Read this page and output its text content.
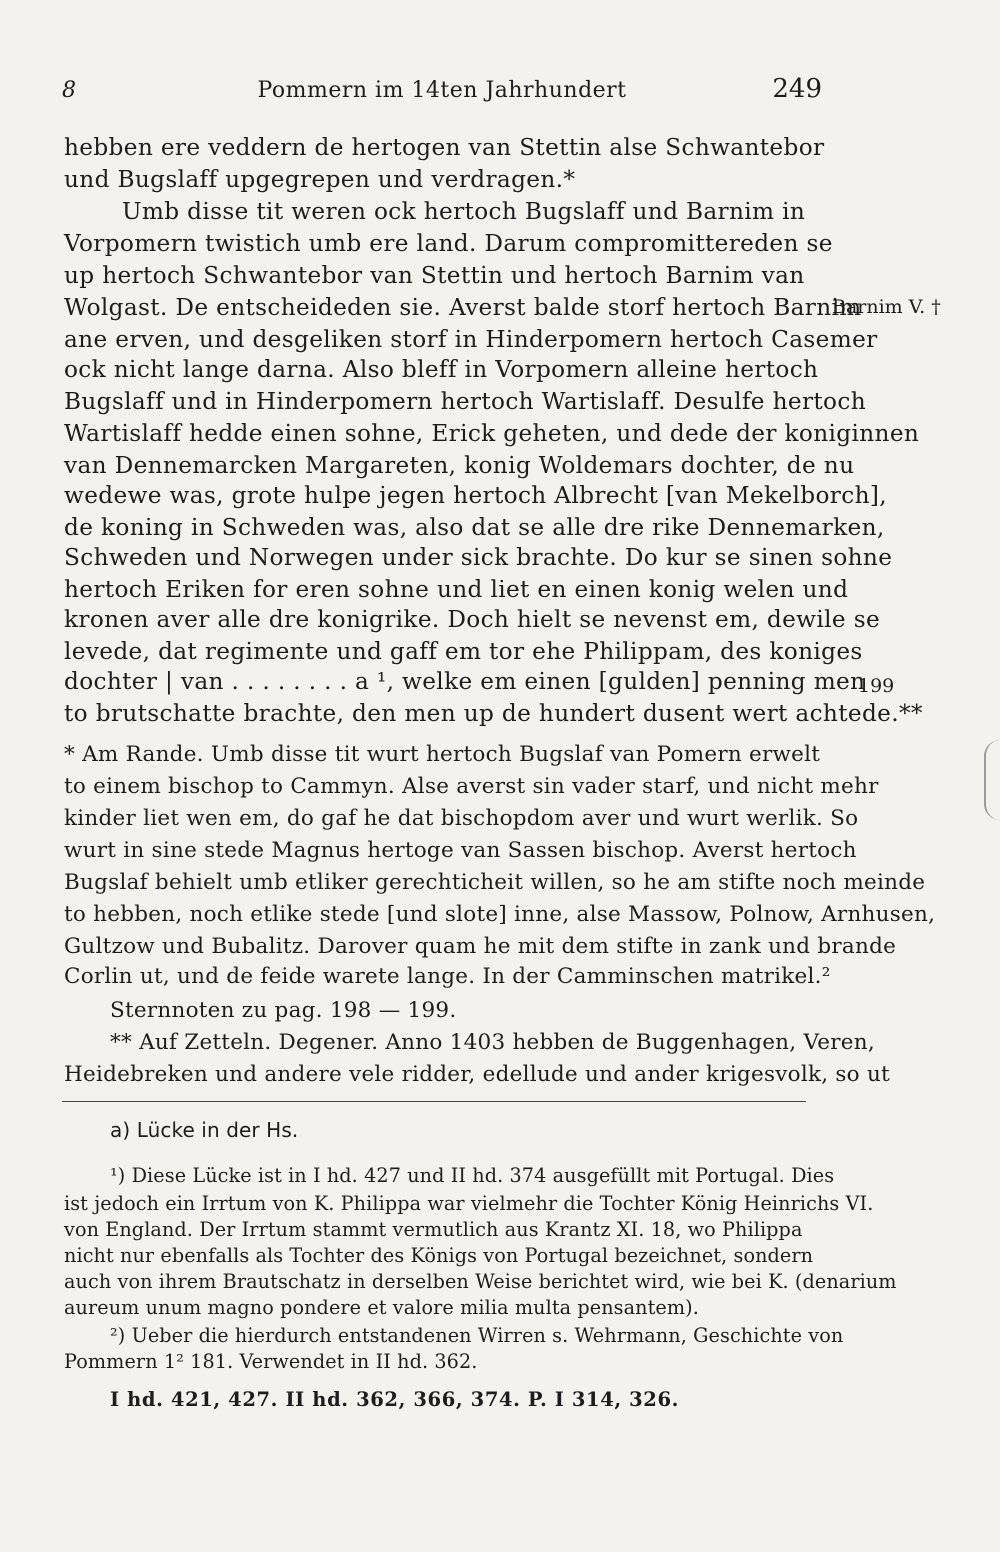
8	Pommern im 14ten Jahrhundert	249
hebben ere veddern de hertogen van Stettin alse Schwantebor
und Bugslaff upgegrepen und verdragen.*
Umb disse tit weren ock hertoch Bugslaff und Barnim in
Vorpomern twistich umb ere land. Darum compromittereden se
up hertoch Schwantebor van Stettin und hertoch Barnim van
Wolgast. De entscheideden sie. Averst balde storf hertoch Barnim
ane erven, und desgeliken storf in Hinderpomern hertoch Casemer
ock nicht lange darna. Also bleff in Vorpomern alleine hertoch
Bugslaff und in Hinderpomern hertoch Wartislaff. Desulfe hertoch
Wartislaff hedde einen sohne, Erick geheten, und dede der koniginnen
van Dennemarcken Margareten, konig Woldemars dochter, de nu
wedewe was, grote hulpe jegen hertoch Albrecht [van Mekelborch],
de koning in Schweden was, also dat se alle dre rike Dennemarken,
Schweden und Norwegen under sick brachte. Do kur se sinen sohne
hertoch Eriken for eren sohne und liet en einen konig welen und
kronen aver alle dre konigrike. Doch hielt se nevenst em, dewile se
levede, dat regimente und gaff em tor ehe Philippam, des koniges
dochter | van . . . . . . . . a ¹, welke em einen [gulden] penning men
to brutschatte brachte, den men up de hundert dusent wert achtede.**
Barnim V. †
199
* Am Rande. Umb disse tit wurt hertoch Bugslaf van Pomern erwelt
to einem bischop to Cammyn. Alse averst sin vader starf, und nicht mehr
kinder liet wen em, do gaf he dat bischopdom aver und wurt werlik. So
wurt in sine stede Magnus hertoge van Sassen bischop. Averst hertoch
Bugslaf behielt umb etliker gerechticheit willen, so he am stifte noch meinde
to hebben, noch etlike stede [und slote] inne, alse Massow, Polnow, Arnhusen,
Gultzow und Bubalitz. Darover quam he mit dem stifte in zank und brande
Corlin ut, und de feide warete lange. In der Camminschen matrikel.²
Sternnoten zu pag. 198 — 199.
** Auf Zetteln. Degener. Anno 1403 hebben de Buggenhagen, Veren,
Heidebreken und andere vele ridder, edellude und ander krigesvolk, so ut
a) Lücke in der Hs.
¹) Diese Lücke ist in I hd. 427 und II hd. 374 ausgefüllt mit Portugal. Dies
ist jedoch ein Irrtum von K. Philippa war vielmehr die Tochter König Heinrichs VI.
von England. Der Irrtum stammt vermutlich aus Krantz XI. 18, wo Philippa
nicht nur ebenfalls als Tochter des Königs von Portugal bezeichnet, sondern
auch von ihrem Brautschatz in derselben Weise berichtet wird, wie bei K. (denarium
aureum unum magno pondere et valore milia multa pensantem).
²) Ueber die hierdurch entstandenen Wirren s. Wehrmann, Geschichte von
Pommern 1² 181. Verwendet in II hd. 362.
I hd. 421, 427. II hd. 362, 366, 374. P. I 314, 326.
